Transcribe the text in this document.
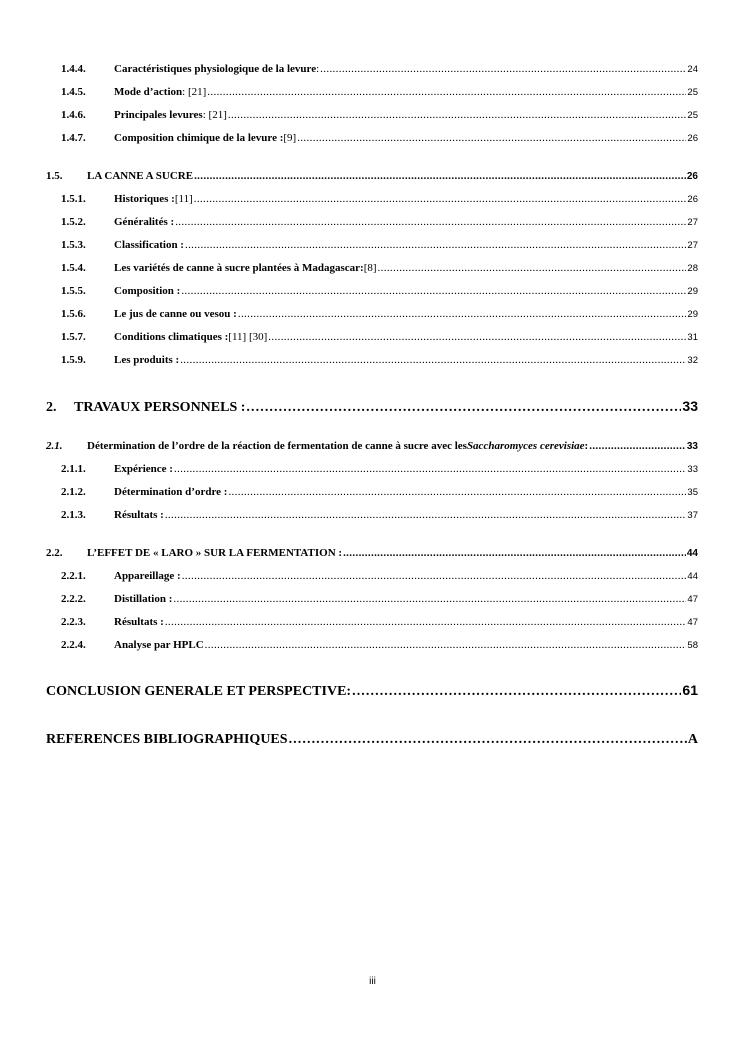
1.4.4.	Caractéristiques physiologique de la levure : . . .	24
1.4.5.	Mode d’action : [21] . . .	25
1.4.6.	Principales levures : [21] . . .	25
1.4.7.	Composition chimique de la levure : [9] . . .	26
1.5.	LA CANNE A SUCRE . . .	26
1.5.1.	Historiques : [11] . . .	26
1.5.2.	Généralités : . . .	27
1.5.3.	Classification : . . .	27
1.5.4.	Les variétés de canne à sucre plantées à Madagascar: [8] . . .	28
1.5.5.	Composition : . . .	29
1.5.6.	Le jus de canne ou vesou : . . .	29
1.5.7.	Conditions climatiques : [11] [30] . . .	31
1.5.9.	Les produits : . . .	32
2.	TRAVAUX PERSONNELS : . . .	33
2.1.	Détermination de l’ordre de la réaction de fermentation de canne à sucre avec les Saccharomyces cerevisiae : . . .	33
2.1.1.	Expérience : . . .	33
2.1.2.	Détermination d’ordre : . . .	35
2.1.3.	Résultats : . . .	37
2.2.	L’EFFET DE « LARO » SUR LA FERMENTATION : . . .	44
2.2.1.	Appareillage : . . .	44
2.2.2.	Distillation : . . .	47
2.2.3.	Résultats : . . .	47
2.2.4.	Analyse par HPLC . . .	58
CONCLUSION GENERALE ET PERSPECTIVE: . . .	61
REFERENCES BIBLIOGRAPHIQUES . . .	A
iii
